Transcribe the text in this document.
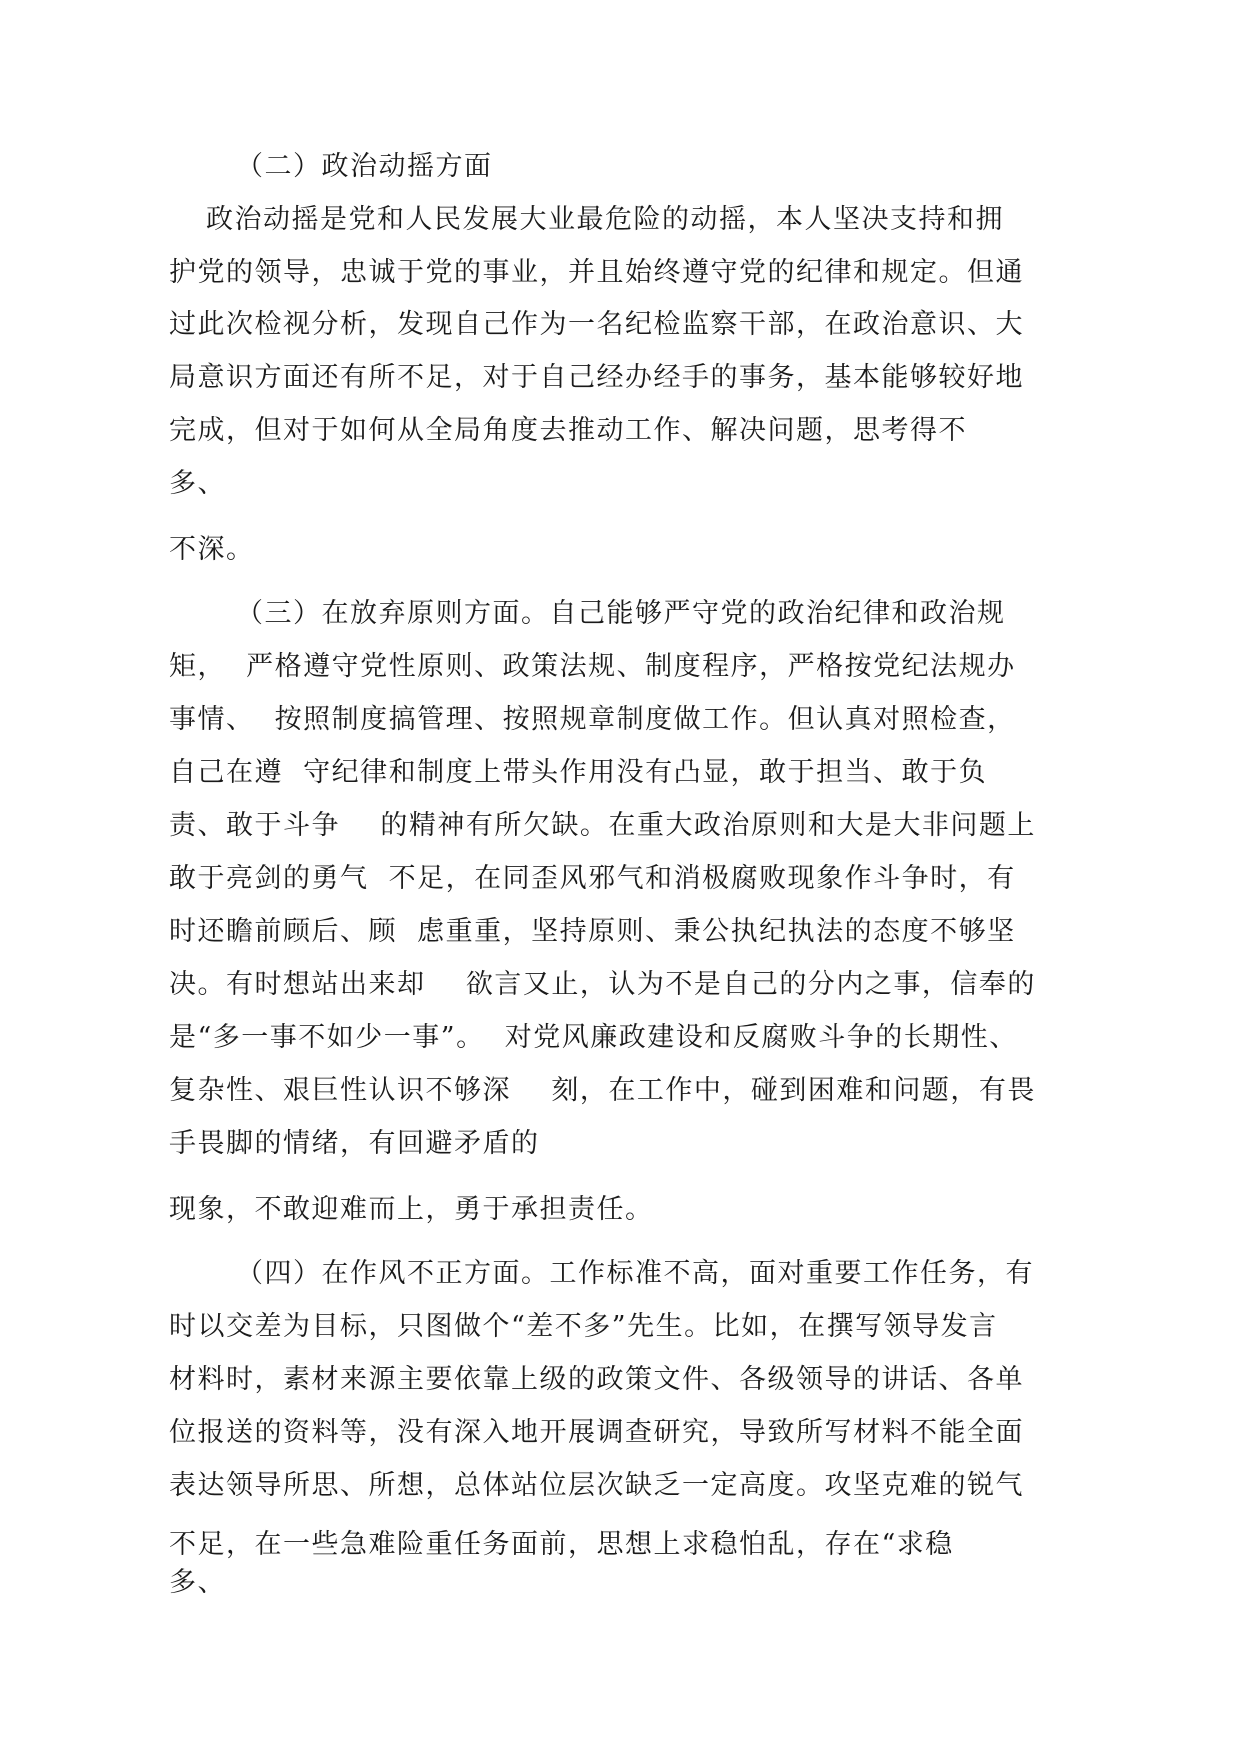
（二）政治动摇方面

政治动摇是党和人民发展大业最危险的动摇，本人坚决支持和拥

护党的领导，忠诚于党的事业，并且始终遵守党的纪律和规定。但通

过此次检视分析，发现自己作为一名纪检监察干部，在政治意识、大

局意识方面还有所不足，对于自己经办经手的事务，基本能够较好地

完成，但对于如何从全局角度去推动工作、解决问题，思考得不

多、

不深。

（三）在放弃原则方面。自己能够严守党的政治纪律和政治规

矩，  严格遵守党性原则、政策法规、制度程序，严格按党纪法规办

事情、  按照制度搞管理、按照规章制度做工作。但认真对照检查，

自己在遵  守纪律和制度上带头作用没有凸显，敢于担当、敢于负

责、敢于斗争    的精神有所欠缺。在重大政治原则和大是大非问题上

敢于亮剑的勇气  不足，在同歪风邪气和消极腐败现象作斗争时，有

时还瞻前顾后、顾  虑重重，坚持原则、秉公执纪执法的态度不够坚

决。有时想站出来却    欲言又止，认为不是自己的分内之事，信奉的

是“多一事不如少一事”。  对党风廉政建设和反腐败斗争的长期性、

复杂性、艰巨性认识不够深    刻，在工作中，碰到困难和问题，有畏

手畏脚的情绪，有回避矛盾的

现象，不敢迎难而上，勇于承担责任。

（四）在作风不正方面。工作标准不高，面对重要工作任务，有

时以交差为目标，只图做个“差不多”先生。比如，在撰写领导发言

材料时，素材来源主要依靠上级的政策文件、各级领导的讲话、各单

位报送的资料等，没有深入地开展调查研究，导致所写材料不能全面

表达领导所思、所想，总体站位层次缺乏一定高度。攻坚克难的锐气

不足，在一些急难险重任务面前，思想上求稳怕乱，存在“求稳

多、
